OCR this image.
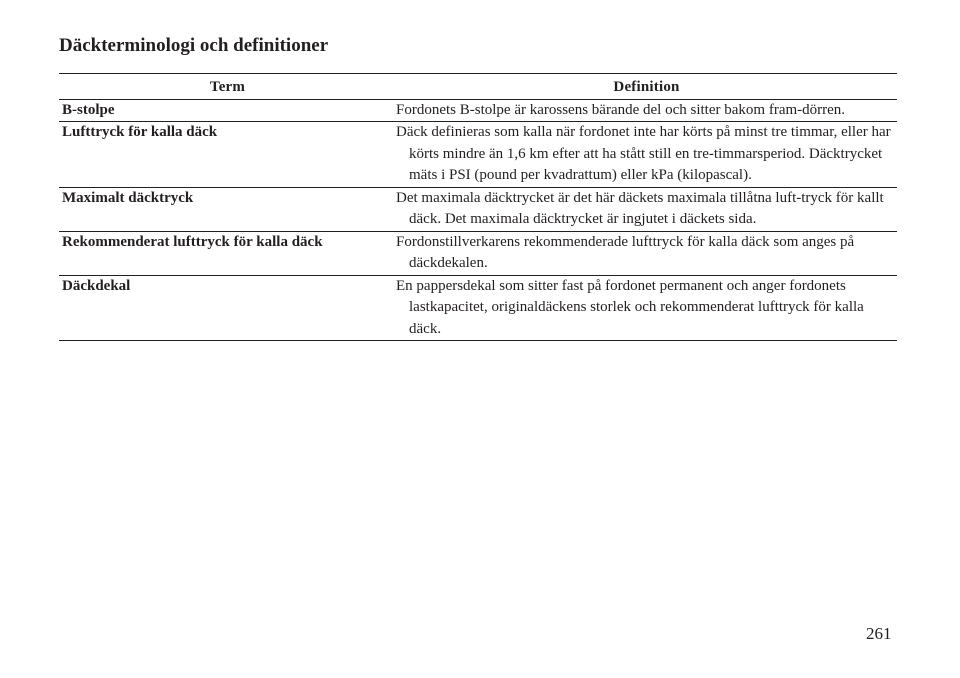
Däckterminologi och definitioner
Term	Definition
B-stolpe	Fordonets B-stolpe är karossens bärande del och sitter bakom fram-dörren.
Lufttryck för kalla däck	Däck definieras som kalla när fordonet inte har körts på minst tre timmar, eller har körts mindre än 1,6 km efter att ha stått still en tre-timmarsperiod. Däcktrycket mäts i PSI (pound per kvadrattum) eller kPa (kilopascal).
Maximalt däcktryck	Det maximala däcktrycket är det här däckets maximala tillåtna luft-tryck för kallt däck. Det maximala däcktrycket är ingjutet i däckets sida.
Rekommenderat lufttryck för kalla däck	Fordonstillverkarens rekommenderade lufttryck för kalla däck som anges på däckdekalen.
Däckdekal	En pappersdekal som sitter fast på fordonet permanent och anger fordonets lastkapacitet, originaldäckens storlek och rekommenderat lufttryck för kalla däck.
261
